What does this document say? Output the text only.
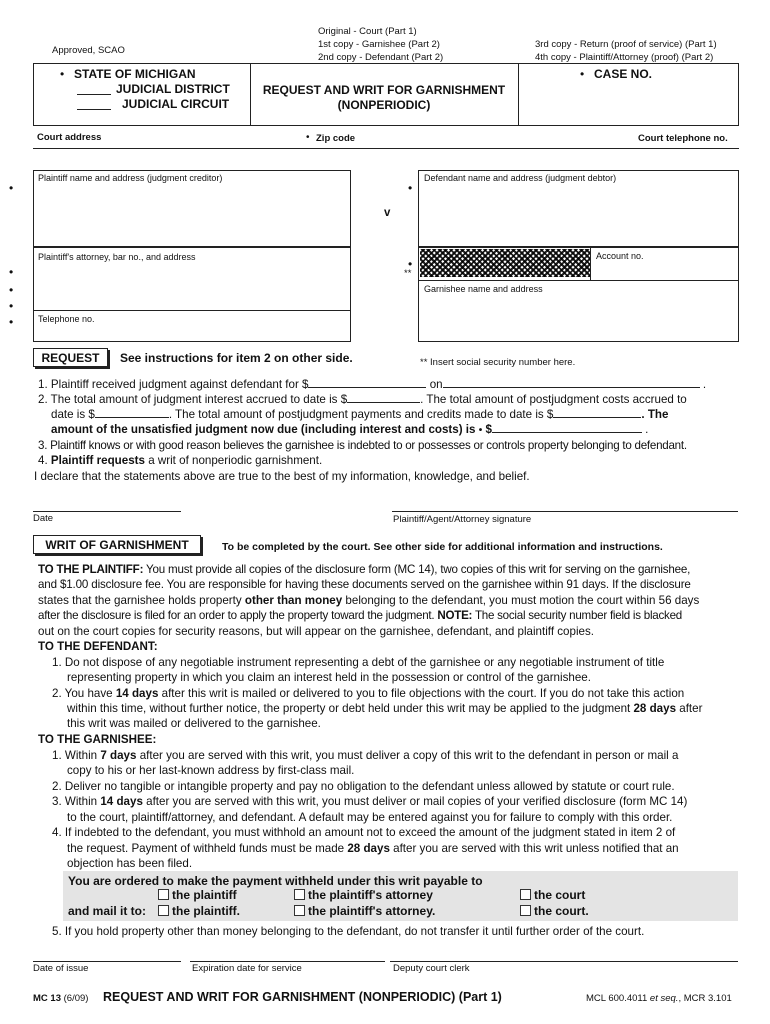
Approved, SCAO
Original - Court (Part 1)
1st copy - Garnishee (Part 2)
2nd copy - Defendant (Part 2)
3rd copy - Return (proof of service) (Part 1)
4th copy - Plaintiff/Attorney (proof) (Part 2)
• STATE OF MICHIGAN
JUDICIAL DISTRICT
JUDICIAL CIRCUIT
REQUEST AND WRIT FOR GARNISHMENT
(NONPERIODIC)
• CASE NO.
Court address	• Zip code	Court telephone no.
•
Plaintiff name and address (judgment creditor)
•
Defendant name and address (judgment debtor)
v
•
•
•
•
Plaintiff's attorney, bar no., and address
Telephone no.
•
**
Account no.
Garnishee name and address
REQUEST	See instructions for item 2 on other side.	** Insert social security number here.
1. Plaintiff received judgment against defendant for $	on	.
2. The total amount of judgment interest accrued to date is $	. The total amount of postjudgment costs accrued to
date is $	. The total amount of postjudgment payments and credits made to date is $	. The
amount of the unsatisfied judgment now due (including interest and costs) is • $	.
3. Plaintiff knows or with good reason believes the garnishee is indebted to or possesses or controls property belonging to defendant.
4. Plaintiff requests a writ of nonperiodic garnishment.
I declare that the statements above are true to the best of my information, knowledge, and belief.
Date	Plaintiff/Agent/Attorney signature
WRIT OF GARNISHMENT	To be completed by the court. See other side for additional information and instructions.
TO THE PLAINTIFF: You must provide all copies of the disclosure form (MC 14), two copies of this writ for serving on the garnishee,
and $1.00 disclosure fee. You are responsible for having these documents served on the garnishee within 91 days. If the disclosure
states that the garnishee holds property other than money belonging to the defendant, you must motion the court within 56 days
after the disclosure is filed for an order to apply the property toward the judgment. NOTE: The social security number field is blacked
out on the court copies for security reasons, but will appear on the garnishee, defendant, and plaintiff copies.
TO THE DEFENDANT:
1. Do not dispose of any negotiable instrument representing a debt of the garnishee or any negotiable instrument of title
representing property in which you claim an interest held in the possession or control of the garnishee.
2. You have 14 days after this writ is mailed or delivered to you to file objections with the court. If you do not take this action
within this time, without further notice, the property or debt held under this writ may be applied to the judgment 28 days after
this writ was mailed or delivered to the garnishee.
TO THE GARNISHEE:
1. Within 7 days after you are served with this writ, you must deliver a copy of this writ to the defendant in person or mail a
copy to his or her last-known address by first-class mail.
2. Deliver no tangible or intangible property and pay no obligation to the defendant unless allowed by statute or court rule.
3. Within 14 days after you are served with this writ, you must deliver or mail copies of your verified disclosure (form MC 14)
to the court, plaintiff/attorney, and defendant. A default may be entered against you for failure to comply with this order.
4. If indebted to the defendant, you must withhold an amount not to exceed the amount of the judgment stated in item 2 of
the request. Payment of withheld funds must be made 28 days after you are served with this writ unless notified that an
objection has been filed.
You are ordered to make the payment withheld under this writ payable to
the plaintiff	the plaintiff's attorney	the court
and mail it to:	the plaintiff.	the plaintiff's attorney.	the court.
5. If you hold property other than money belonging to the defendant, do not transfer it until further order of the court.
Date of issue	Expiration date for service	Deputy court clerk
MC 13 (6/09) REQUEST AND WRIT FOR GARNISHMENT (NONPERIODIC) (Part 1)	MCL 600.4011 et seq., MCR 3.101
